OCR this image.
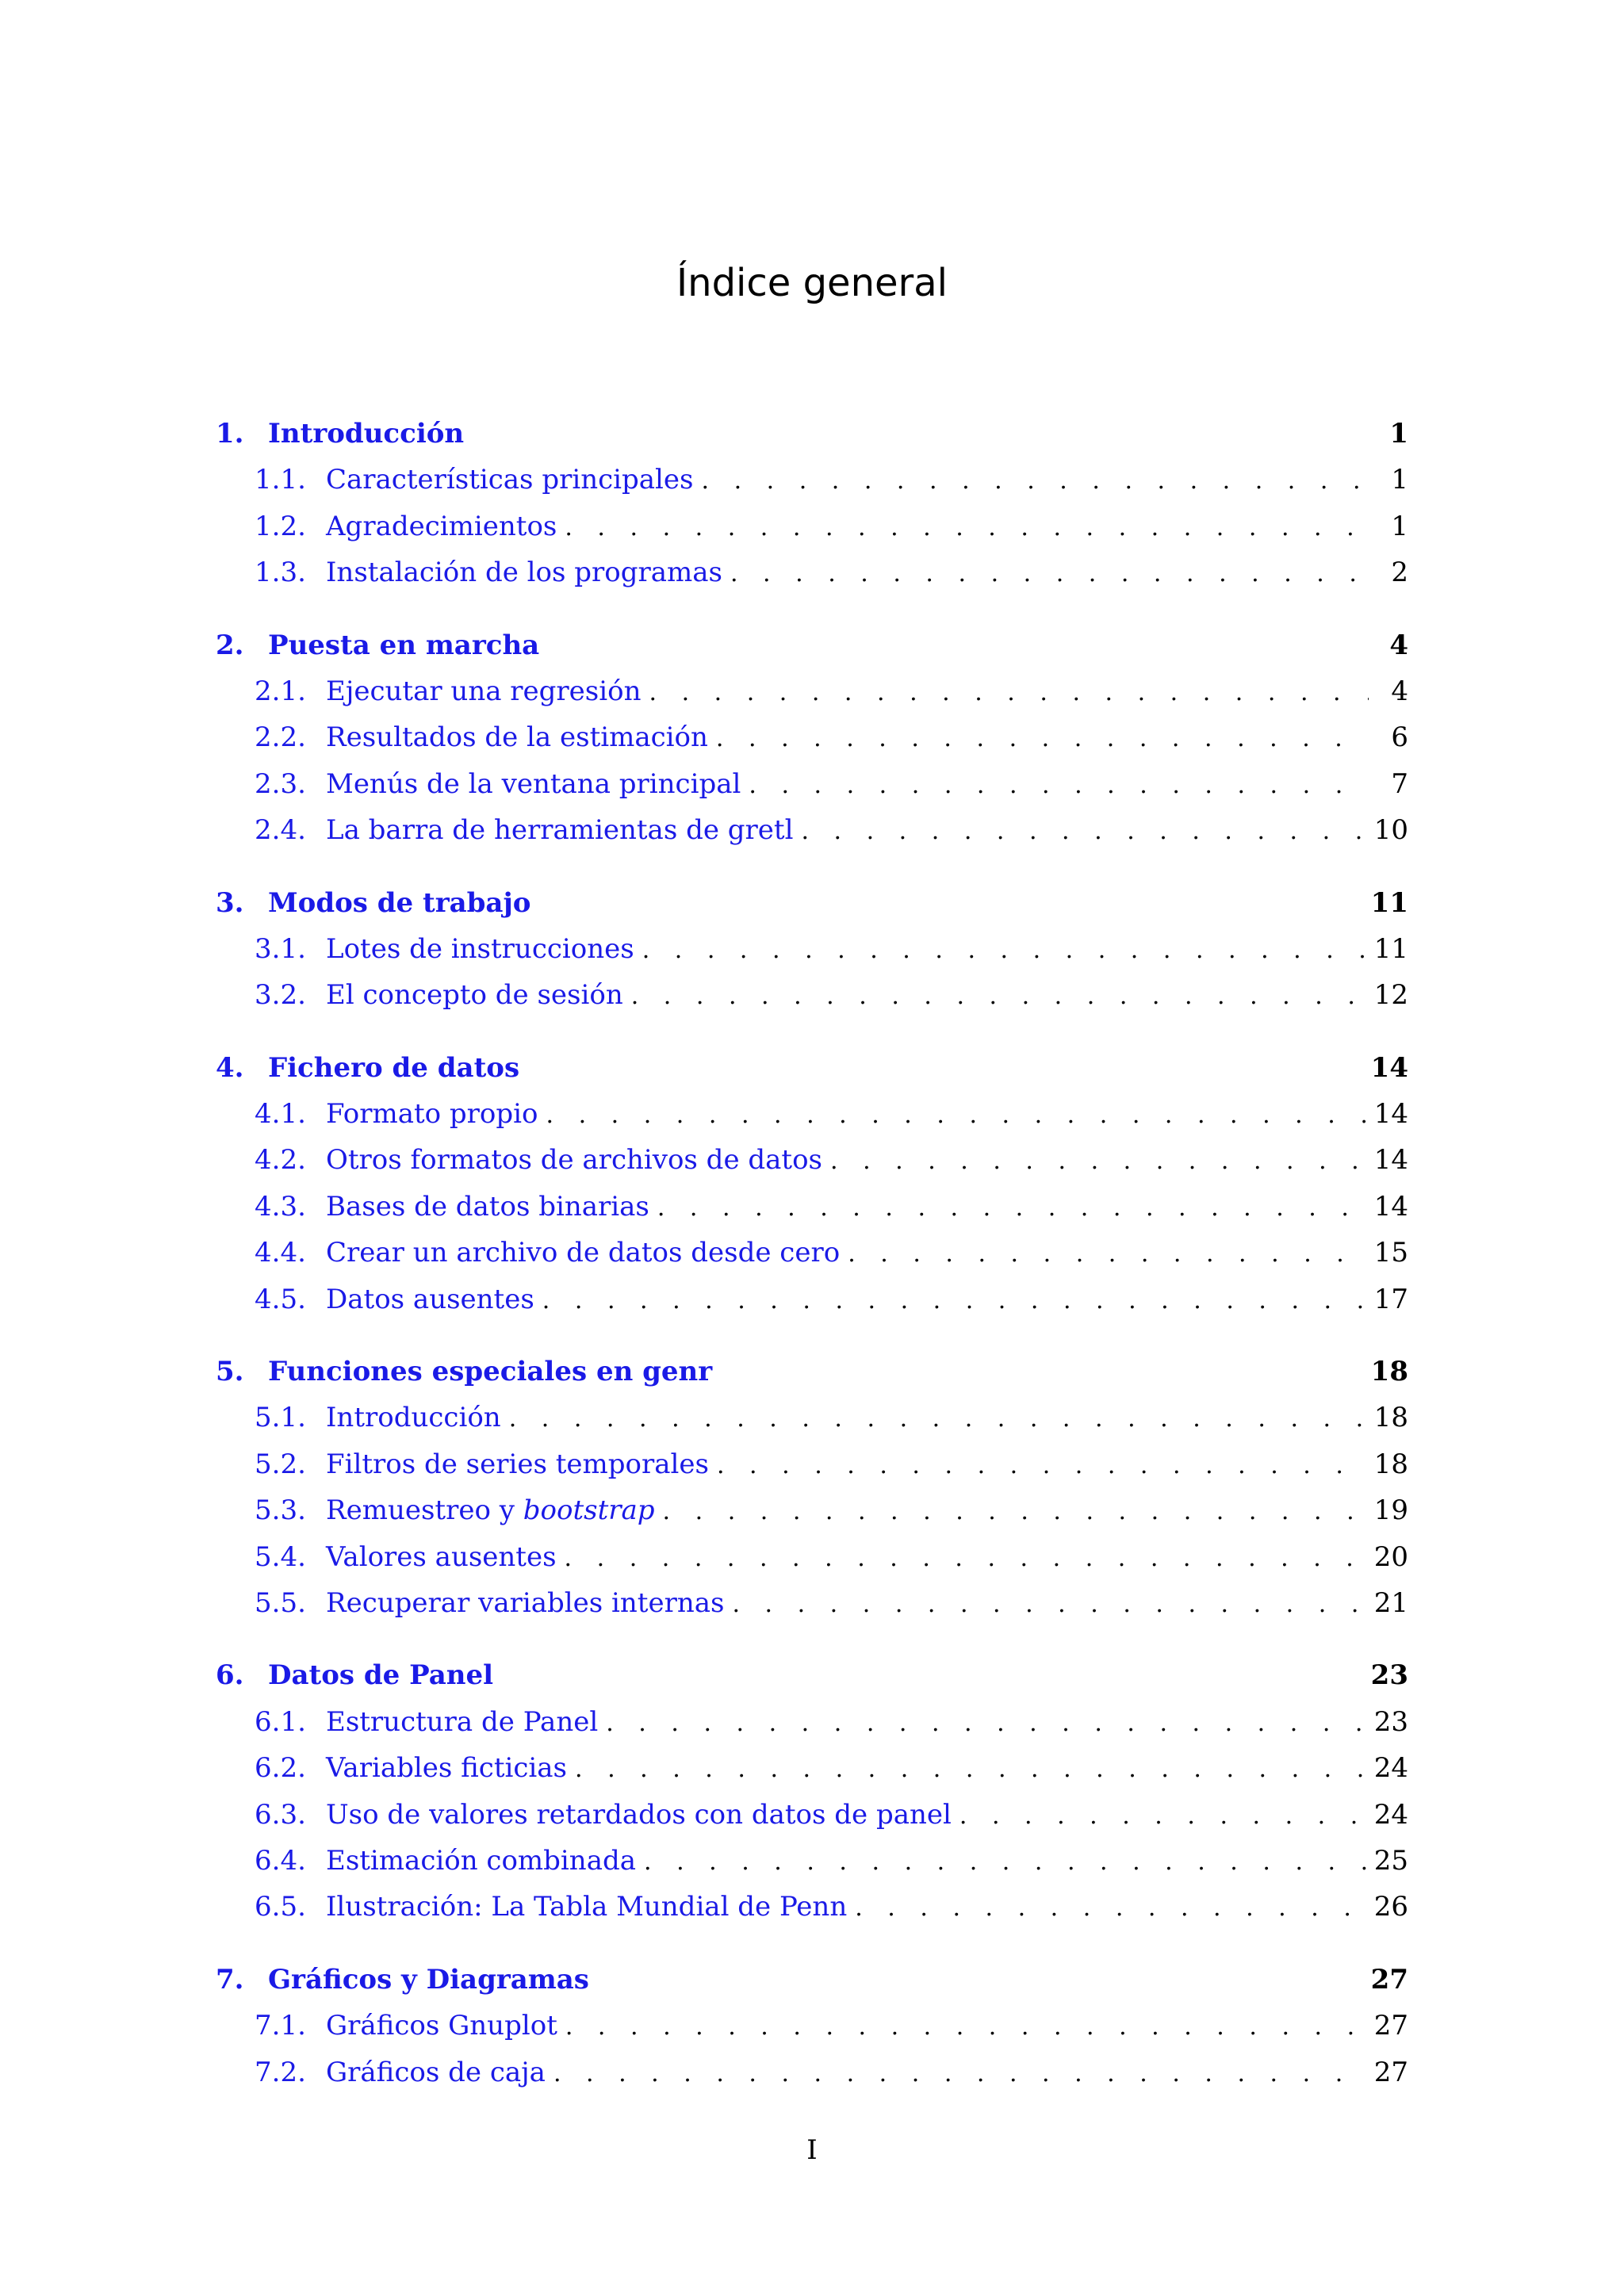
Índice general
1. Introducción	1
1.1. Características principales . . .	1
1.2. Agradecimientos . . .	1
1.3. Instalación de los programas . . .	2
2. Puesta en marcha	4
2.1. Ejecutar una regresión . . .	4
2.2. Resultados de la estimación . . .	6
2.3. Menús de la ventana principal . . .	7
2.4. La barra de herramientas de gretl . . .	10
3. Modos de trabajo	11
3.1. Lotes de instrucciones . . .	11
3.2. El concepto de sesión . . .	12
4. Fichero de datos	14
4.1. Formato propio . . .	14
4.2. Otros formatos de archivos de datos . . .	14
4.3. Bases de datos binarias . . .	14
4.4. Crear un archivo de datos desde cero . . .	15
4.5. Datos ausentes . . .	17
5. Funciones especiales en genr	18
5.1. Introducción . . .	18
5.2. Filtros de series temporales . . .	18
5.3. Remuestreo y bootstrap . . .	19
5.4. Valores ausentes . . .	20
5.5. Recuperar variables internas . . .	21
6. Datos de Panel	23
6.1. Estructura de Panel . . .	23
6.2. Variables ficticias . . .	24
6.3. Uso de valores retardados con datos de panel . . .	24
6.4. Estimación combinada . . .	25
6.5. Ilustración: La Tabla Mundial de Penn . . .	26
7. Gráficos y Diagramas	27
7.1. Gráficos Gnuplot . . .	27
7.2. Gráficos de caja . . .	27
I
